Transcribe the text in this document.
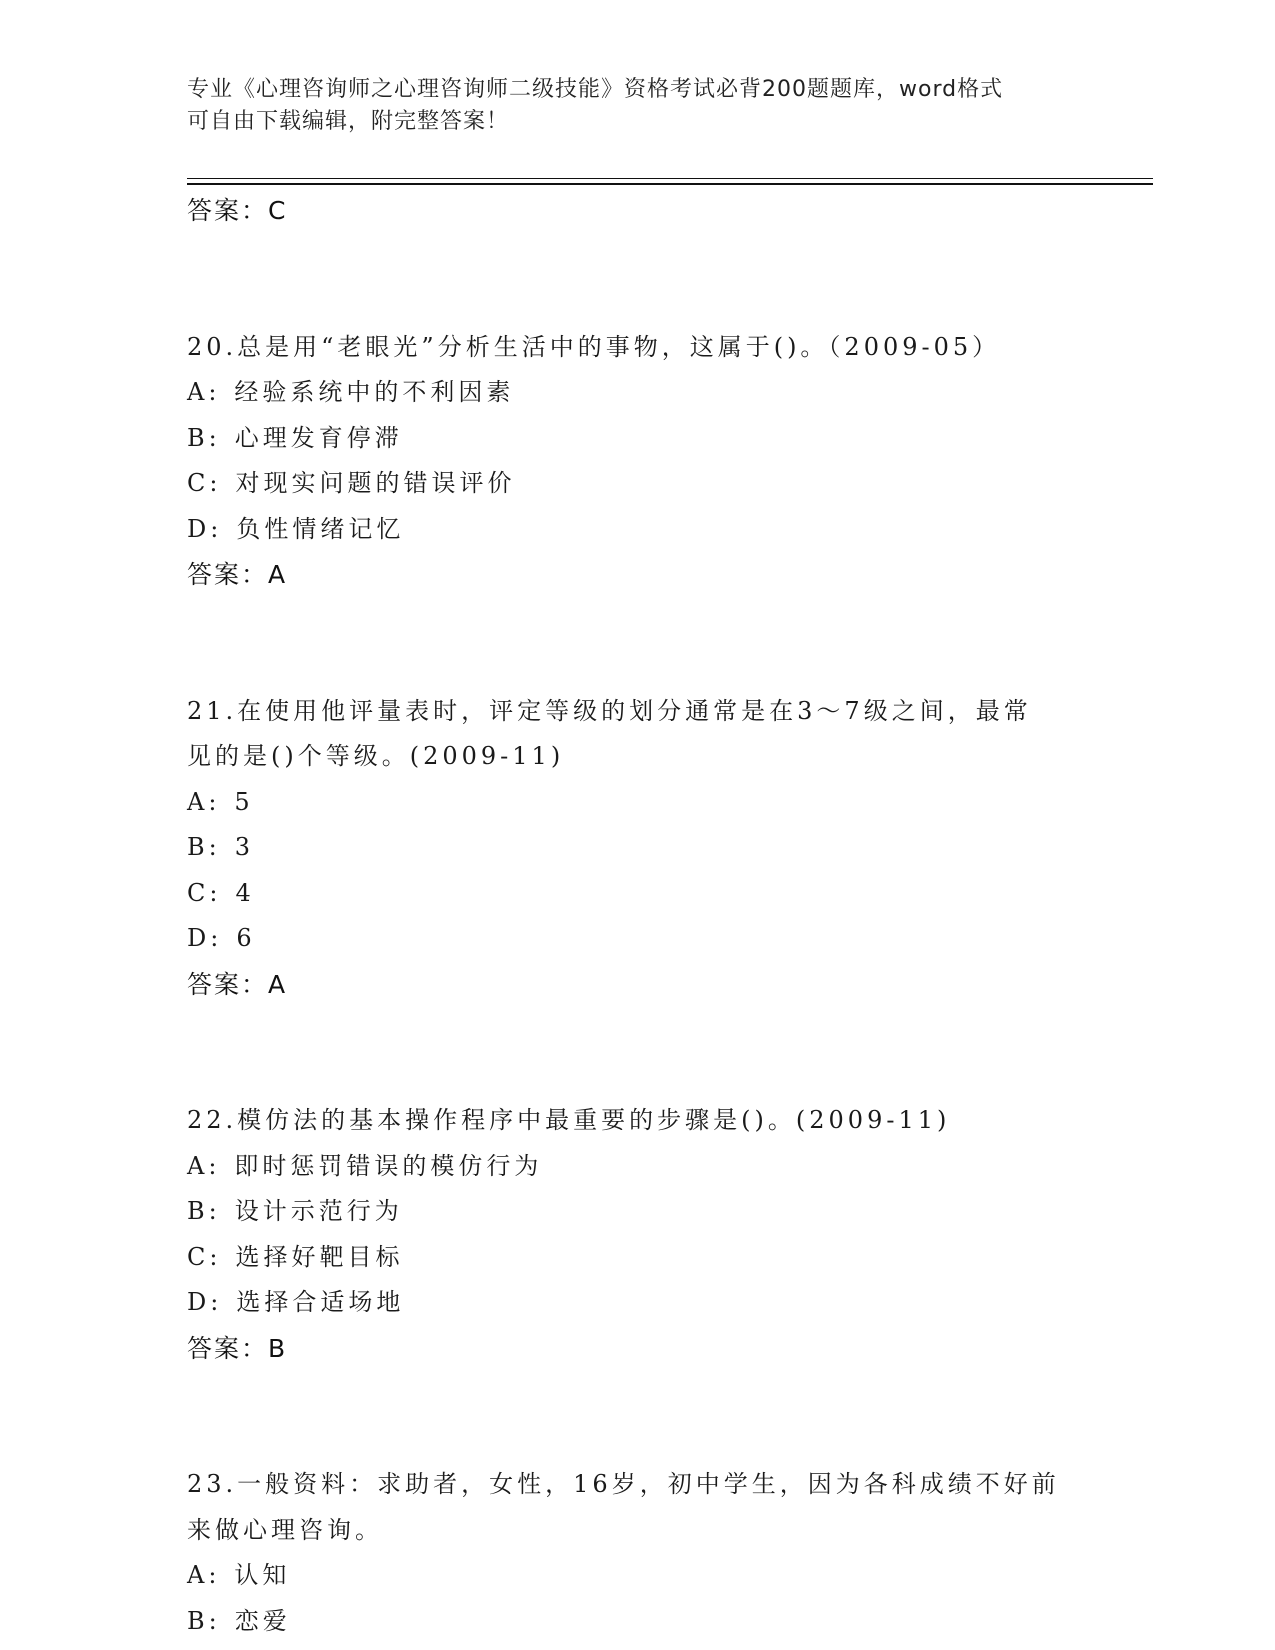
专业《心理咨询师之心理咨询师二级技能》资格考试必背200题题库，word格式
可自由下载编辑，附完整答案！
答案：C
20.总是用“老眼光”分析生活中的事物，这属于()。（2009-05）
A: 经验系统中的不利因素
B: 心理发育停滞
C: 对现实问题的错误评价
D: 负性情绪记忆
答案：A
21.在使用他评量表时，评定等级的划分通常是在3～7级之间，最常
见的是()个等级。(2009-11)
A: 5
B: 3
C: 4
D: 6
答案：A
22.模仿法的基本操作程序中最重要的步骤是()。(2009-11)
A: 即时惩罚错误的模仿行为
B: 设计示范行为
C: 选择好靶目标
D: 选择合适场地
答案：B
23.一般资料：求助者，女性，16岁，初中学生，因为各科成绩不好前
来做心理咨询。
A: 认知
B: 恋爱
